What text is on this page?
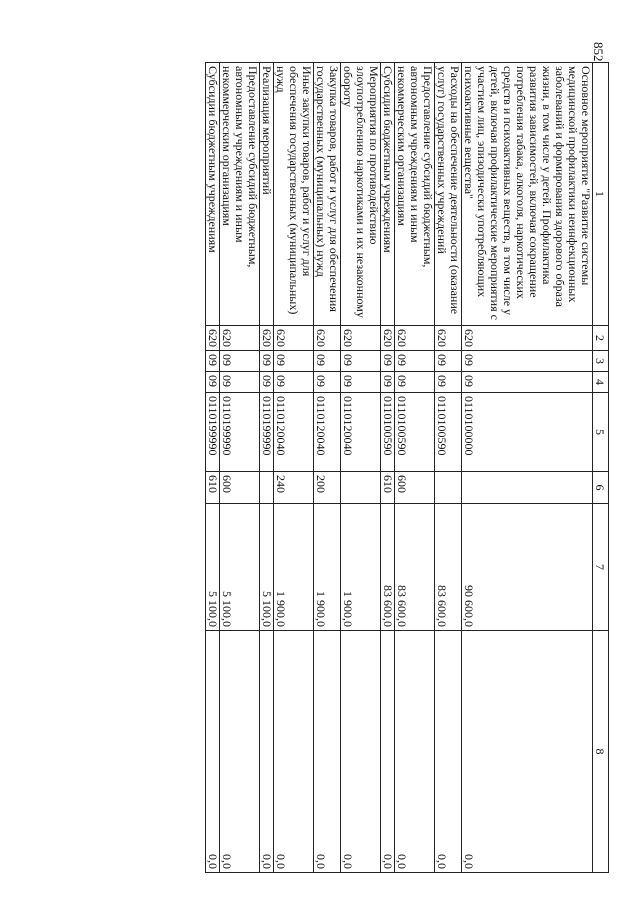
852
1	2	3	4	5	6	7	8
Основное мероприятие "Развитие системы медицинской профилактики неинфекционных заболеваний и формирования здорового образа жизни, в том числе у детей. Профилактика развития зависимостей, включая сокращение потребления табака, алкоголя, наркотических средств и психоактивных веществ, в том числе у детей, включая профилактические мероприятия с участием лиц, эпизодически употребляющих психоактивные вещества"	620	09	09	0110100000		90 600,0	0,0
Расходы на обеспечение деятельности (оказание услуг) государственных учреждений	620	09	09	0110100590		83 600,0	0,0
Предоставление субсидий бюджетным, автономным учреждениям и иным некоммерческим организациям	620	09	09	0110100590	600	83 600,0	0,0
Субсидии бюджетным учреждениям	620	09	09	0110100590	610	83 600,0	0,0
Мероприятия по противодействию злоупотреблению наркотиками и их незаконному обороту	620	09	09	0110120040		1 900,0	0,0
Закупка товаров, работ и услуг для обеспечения государственных (муниципальных) нужд	620	09	09	0110120040	200	1 900,0	0,0
Иные закупки товаров, работ и услуг для обеспечения государственных (муниципальных) нужд	620	09	09	0110120040	240	1 900,0	0,0
Реализация мероприятий	620	09	09	0110199990		5 100,0	0,0
Предоставление субсидий бюджетным, автономным учреждениям и иным некоммерческим организациям	620	09	09	0110199990	600	5 100,0	0,0
Субсидии бюджетным учреждениям	620	09	09	0110199990	610	5 100,0	0,0
